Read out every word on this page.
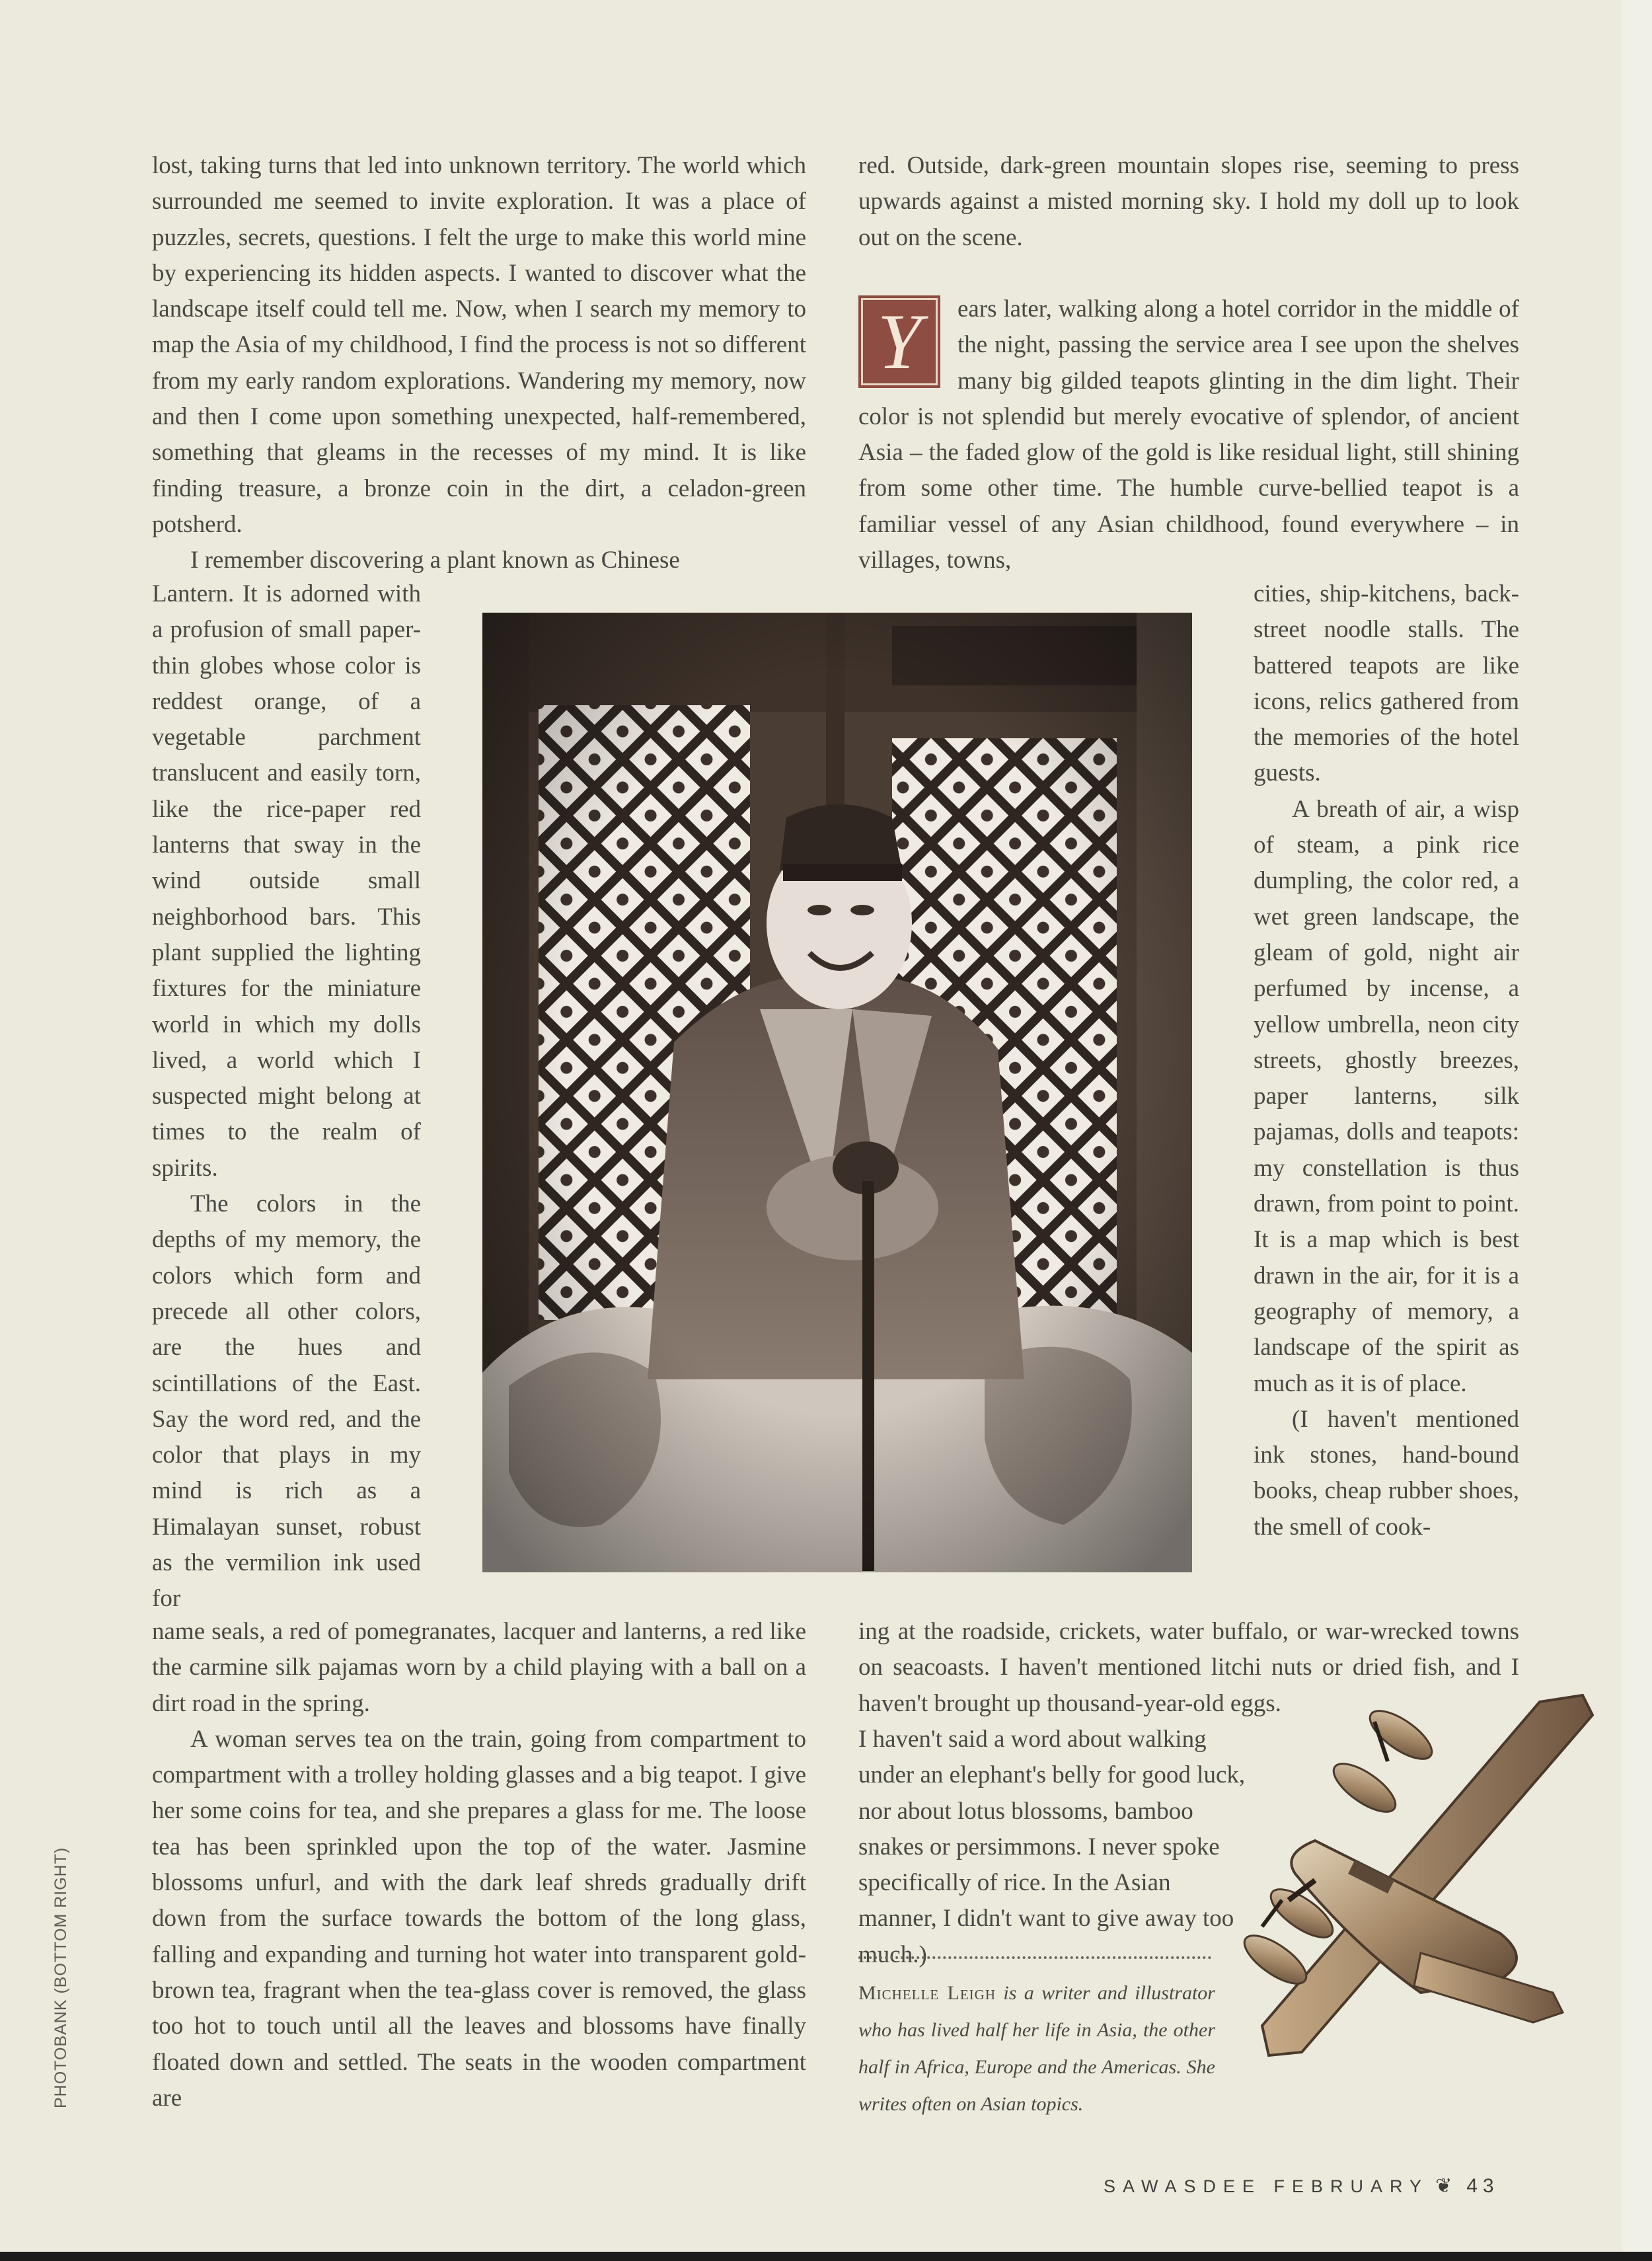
lost, taking turns that led into unknown territory. The world which surrounded me seemed to invite exploration. It was a place of puzzles, secrets, questions. I felt the urge to make this world mine by experiencing its hidden aspects. I wanted to discover what the landscape itself could tell me. Now, when I search my memory to map the Asia of my childhood, I find the process is not so different from my early random explorations. Wandering my memory, now and then I come upon something unexpected, half-remembered, something that gleams in the recesses of my mind. It is like finding treasure, a bronze coin in the dirt, a celadon-green potsherd.

I remember discovering a plant known as Chinese

Lantern. It is adorned with a profusion of small paper-thin globes whose color is reddest orange, of a vegetable parchment translucent and easily torn, like the rice-paper red lanterns that sway in the wind outside small neighborhood bars. This plant supplied the lighting fixtures for the miniature world in which my dolls lived, a world which I suspected might belong at times to the realm of spirits.

The colors in the depths of my memory, the colors which form and precede all other colors, are the hues and scintillations of the East. Say the word red, and the color that plays in my mind is rich as a Himalayan sunset, robust as the vermilion ink used for

name seals, a red of pomegranates, lacquer and lanterns, a red like the carmine silk pajamas worn by a child playing with a ball on a dirt road in the spring.

A woman serves tea on the train, going from compartment to compartment with a trolley holding glasses and a big teapot. I give her some coins for tea, and she prepares a glass for me. The loose tea has been sprinkled upon the top of the water. Jasmine blossoms unfurl, and with the dark leaf shreds gradually drift down from the surface towards the bottom of the long glass, falling and expanding and turning hot water into transparent gold-brown tea, fragrant when the tea-glass cover is removed, the glass too hot to touch until all the leaves and blossoms have finally floated down and settled. The seats in the wooden compartment are

red. Outside, dark-green mountain slopes rise, seeming to press upwards against a misted morning sky. I hold my doll up to look out on the scene.

Y	ears later, walking along a hotel corridor in the middle of the night, passing the service area I see upon the shelves many big gilded teapots glinting in the dim light. Their color is not splendid but merely evocative of splendor, of ancient Asia – the faded glow of the gold is like residual light, still shining from some other time. The humble curve-bellied teapot is a familiar vessel of any Asian childhood, found everywhere – in villages, towns,

cities, ship-kitchens, back-street noodle stalls. The battered teapots are like icons, relics gathered from the memories of the hotel guests.

A breath of air, a wisp of steam, a pink rice dumpling, the color red, a wet green landscape, the gleam of gold, night air perfumed by incense, a yellow umbrella, neon city streets, ghostly breezes, paper lanterns, silk pajamas, dolls and teapots: my constellation is thus drawn, from point to point. It is a map which is best drawn in the air, for it is a geography of memory, a landscape of the spirit as much as it is of place.

(I haven't mentioned ink stones, hand-bound books, cheap rubber shoes, the smell of cook-

ing at the roadside, crickets, water buffalo, or war-wrecked towns on seacoasts. I haven't mentioned litchi nuts or dried fish, and I haven't brought up thousand-year-old eggs.

I haven't said a word about walking under an elephant's belly for good luck, nor about lotus blossoms, bamboo snakes or persimmons. I never spoke specifically of rice. In the Asian manner, I didn't want to give away too much.)

Michelle Leigh is a writer and illustrator who has lived half her life in Asia, the other half in Africa, Europe and the Americas. She writes often on Asian topics.

PHOTOBANK (BOTTOM RIGHT)
SAWASDEE FEBRUARY ❦ 43
